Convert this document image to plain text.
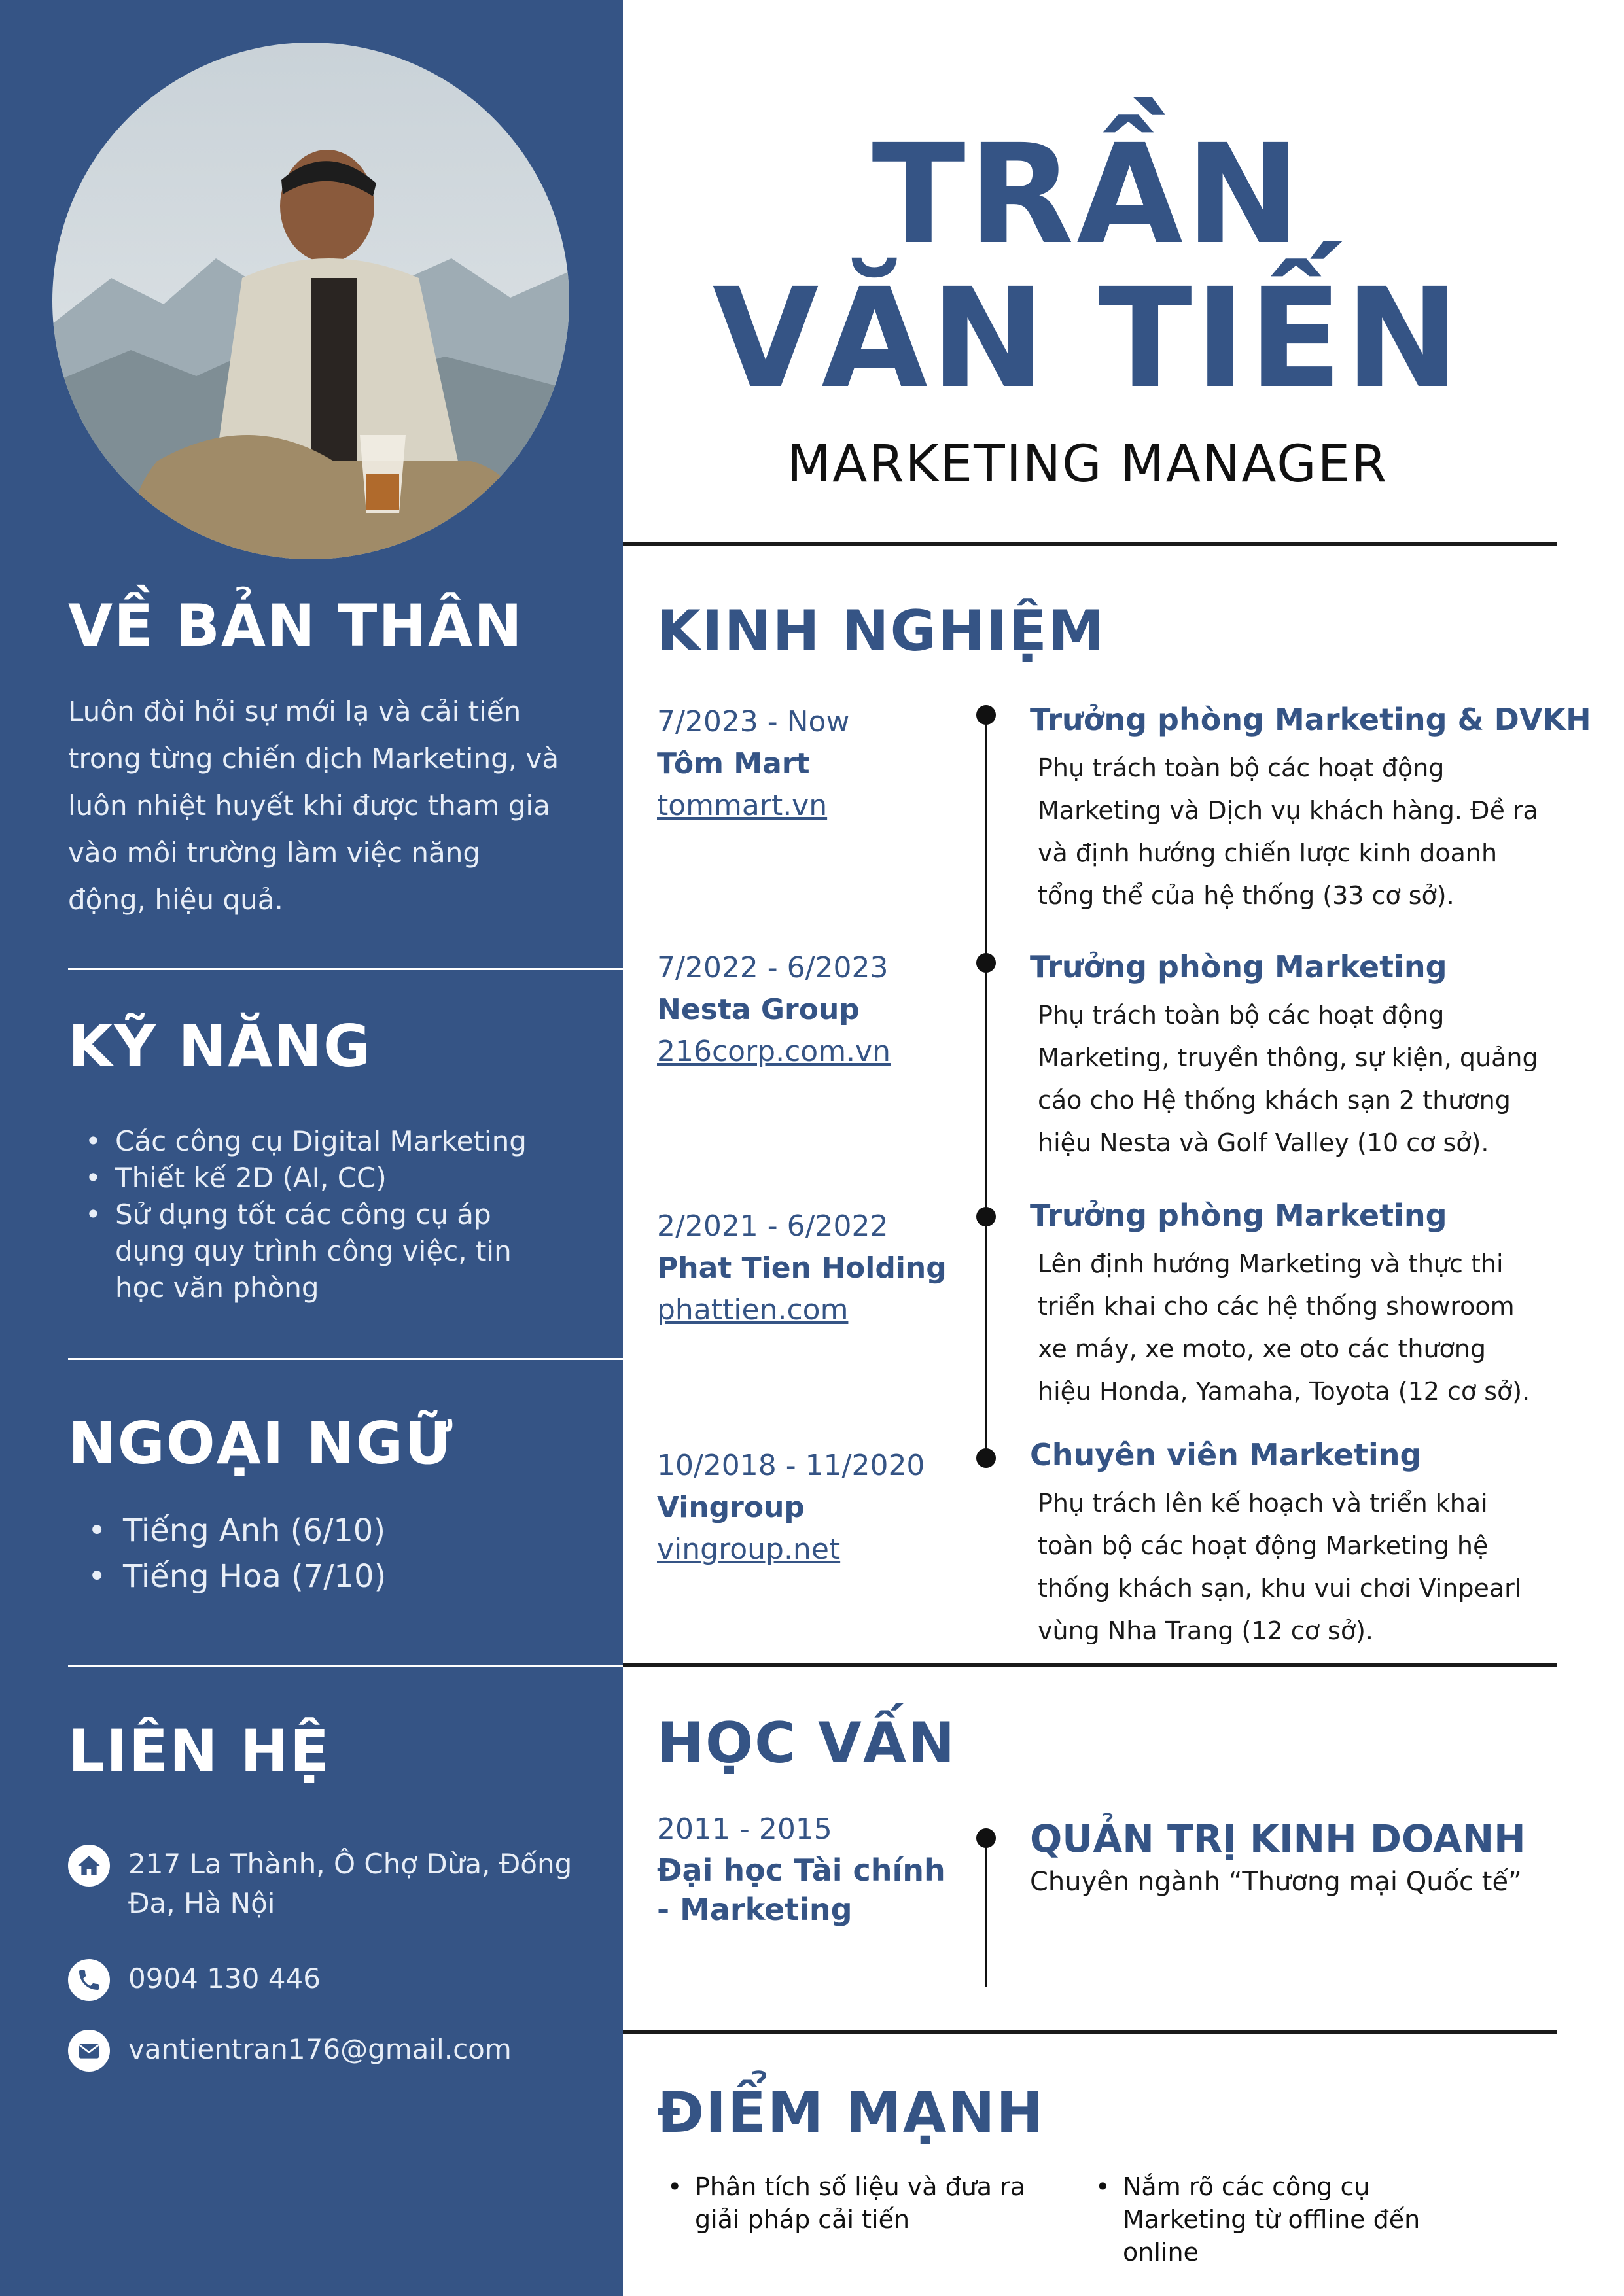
VỀ BẢN THÂN
Luôn đòi hỏi sự mới lạ và cải tiến trong từng chiến dịch Marketing, và luôn nhiệt huyết khi được tham gia vào môi trường làm việc năng động, hiệu quả.
KỸ NĂNG
• Các công cụ Digital Marketing
• Thiết kế 2D (AI, CC)
• Sử dụng tốt các công cụ áp dụng quy trình công việc, tin học văn phòng
NGOẠI NGỮ
• Tiếng Anh (6/10)
• Tiếng Hoa (7/10)
LIÊN HỆ
217 La Thành, Ô Chợ Dừa, Đống Đa, Hà Nội
0904 130 446
vantientran176@gmail.com
TRẦN
VĂN TIẾN
MARKETING MANAGER
KINH NGHIỆM
7/2023 - Now
Tôm Mart
tommart.vn
Trưởng phòng Marketing & DVKH
Phụ trách toàn bộ các hoạt động Marketing và Dịch vụ khách hàng. Đề ra và định hướng chiến lược kinh doanh tổng thể của hệ thống (33 cơ sở).
7/2022 - 6/2023
Nesta Group
216corp.com.vn
Trưởng phòng Marketing
Phụ trách toàn bộ các hoạt động Marketing, truyền thông, sự kiện, quảng cáo cho Hệ thống khách sạn 2 thương hiệu Nesta và Golf Valley (10 cơ sở).
2/2021 - 6/2022
Phat Tien Holding
phattien.com
Trưởng phòng Marketing
Lên định hướng Marketing và thực thi triển khai cho các hệ thống showroom xe máy, xe moto, xe oto các thương hiệu Honda, Yamaha, Toyota (12 cơ sở).
10/2018 - 11/2020
Vingroup
vingroup.net
Chuyên viên Marketing
Phụ trách lên kế hoạch và triển khai toàn bộ các hoạt động Marketing hệ thống khách sạn, khu vui chơi Vinpearl vùng Nha Trang (12 cơ sở).
HỌC VẤN
2011 - 2015
Đại học Tài chính - Marketing
QUẢN TRỊ KINH DOANH
Chuyên ngành “Thương mại Quốc tế”
ĐIỂM MẠNH
• Phân tích số liệu và đưa ra giải pháp cải tiến
• Nắm rõ các công cụ Marketing từ offline đến online
